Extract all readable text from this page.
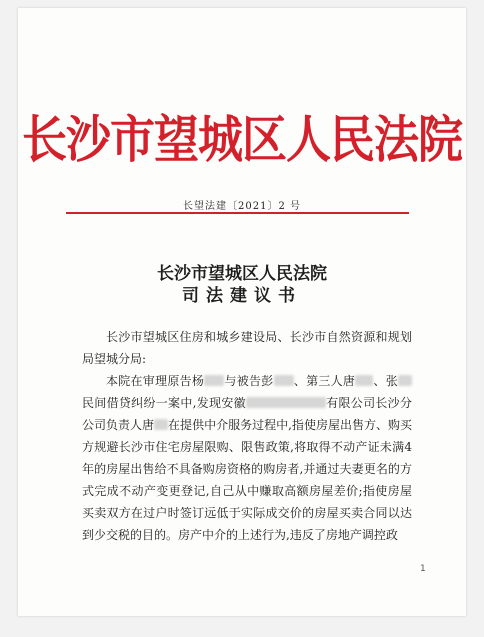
长沙市望城区人民法院
长望法建〔2021〕2 号
长沙市望城区人民法院
司法建议书

长沙市望城区住房和城乡建设局、长沙市自然资源和规划局望城分局:

本院在审理原告杨 与被告彭 、第三人唐 、张民间借贷纠纷一案中,发现安徽	有限公司长沙分公司负责人唐 在提供中介服务过程中,指使房屋出售方、购买方规避长沙市住宅房屋限购、限售政策,将取得不动产证未满4年的房屋出售给不具备购房资格的购房者,并通过夫妻更名的方式完成不动产变更登记,自己从中赚取高额房屋差价;指使房屋买卖双方在过户时签订远低于实际成交价的房屋买卖合同以达到少交税的目的。房产中介的上述行为,违反了房地产调控政

1
